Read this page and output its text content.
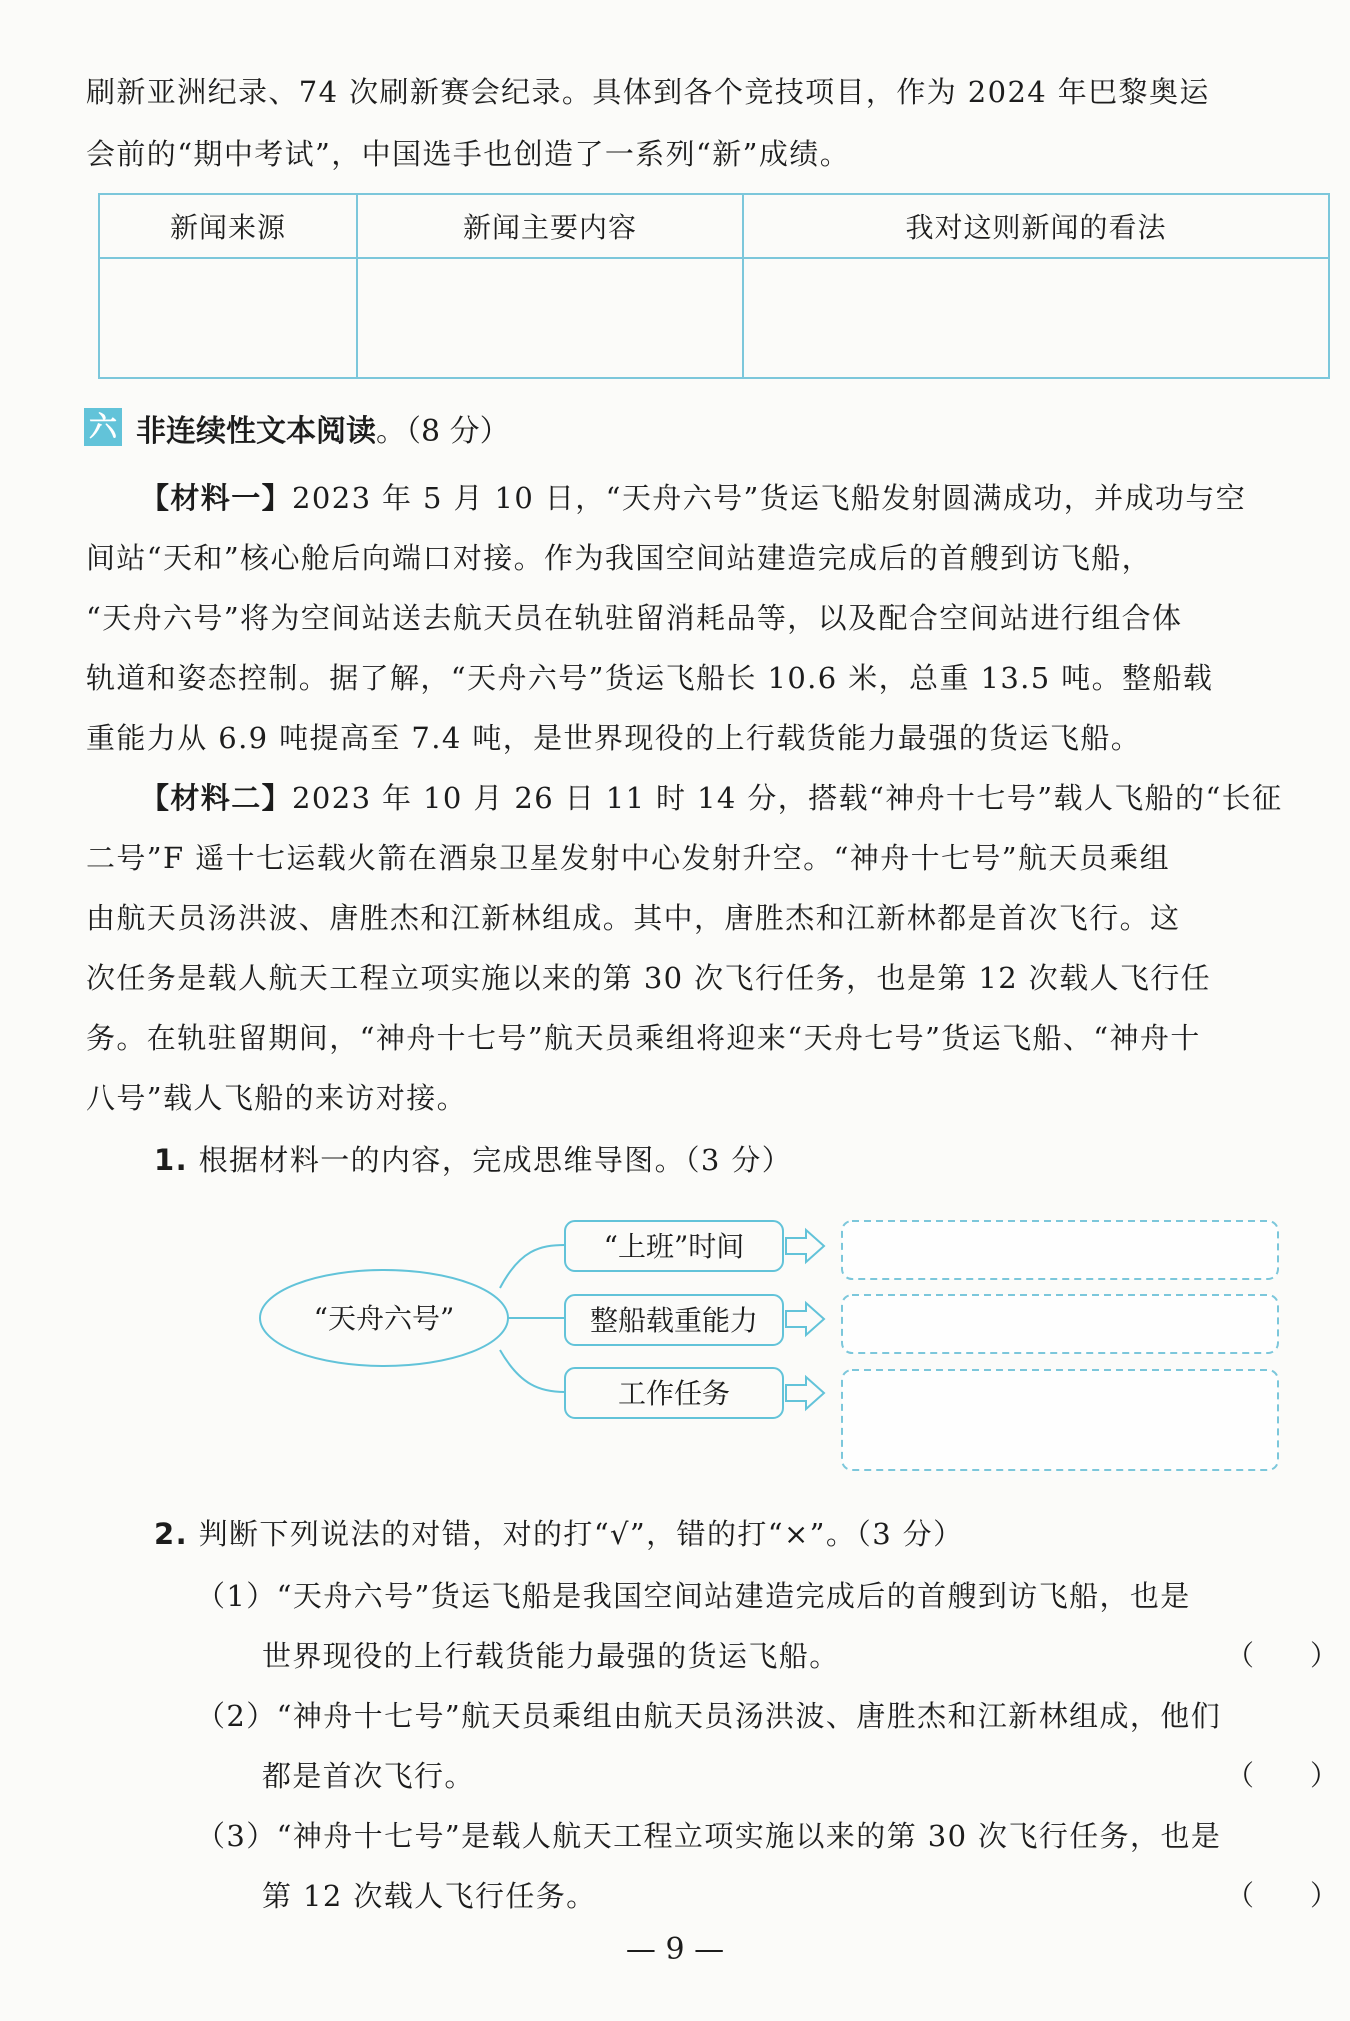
刷新亚洲纪录、74 次刷新赛会纪录。具体到各个竞技项目，作为 2024 年巴黎奥运
会前的“期中考试”，中国选手也创造了一系列“新”成绩。
新闻来源	新闻主要内容	我对这则新闻的看法

六 非连续性文本阅读。（8 分）
【材料一】2023 年 5 月 10 日，“天舟六号”货运飞船发射圆满成功，并成功与空
间站“天和”核心舱后向端口对接。作为我国空间站建造完成后的首艘到访飞船，
“天舟六号”将为空间站送去航天员在轨驻留消耗品等，以及配合空间站进行组合体
轨道和姿态控制。据了解，“天舟六号”货运飞船长 10.6 米，总重 13.5 吨。整船载
重能力从 6.9 吨提高至 7.4 吨，是世界现役的上行载货能力最强的货运飞船。
【材料二】2023 年 10 月 26 日 11 时 14 分，搭载“神舟十七号”载人飞船的“长征
二号”F 遥十七运载火箭在酒泉卫星发射中心发射升空。“神舟十七号”航天员乘组
由航天员汤洪波、唐胜杰和江新林组成。其中，唐胜杰和江新林都是首次飞行。这
次任务是载人航天工程立项实施以来的第 30 次飞行任务，也是第 12 次载人飞行任
务。在轨驻留期间，“神舟十七号”航天员乘组将迎来“天舟七号”货运飞船、“神舟十
八号”载人飞船的来访对接。
1. 根据材料一的内容，完成思维导图。（3 分）
“天舟六号”
“上班”时间
整船载重能力
工作任务
2. 判断下列说法的对错，对的打“√”，错的打“×”。（3 分）
（1）“天舟六号”货运飞船是我国空间站建造完成后的首艘到访飞船，也是
世界现役的上行载货能力最强的货运飞船。	（　　）
（2）“神舟十七号”航天员乘组由航天员汤洪波、唐胜杰和江新林组成，他们
都是首次飞行。	（　　）
（3）“神舟十七号”是载人航天工程立项实施以来的第 30 次飞行任务，也是
第 12 次载人飞行任务。	（　　）
— 9 —
